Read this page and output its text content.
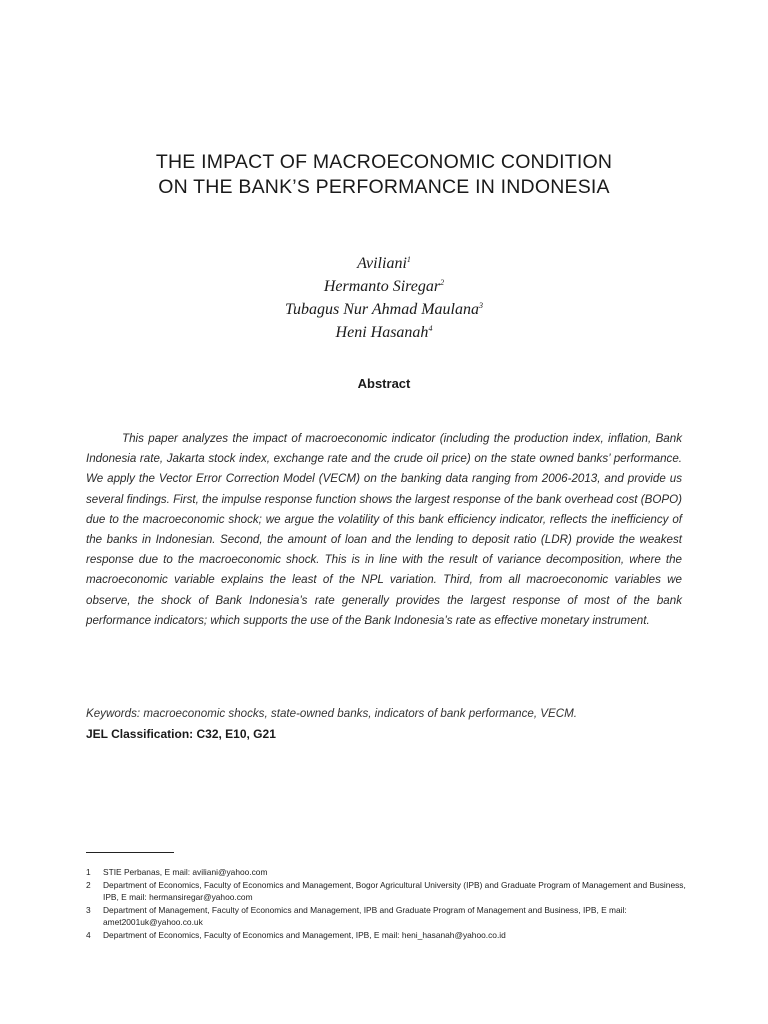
THE IMPACT OF MACROECONOMIC CONDITION
ON THE BANK’S PERFORMANCE IN INDONESIA
Aviliani$^1$
Hermanto Siregar$^2$
Tubagus Nur Ahmad Maulana$^3$
Heni Hasanah$^4$
Abstract

This paper analyzes the impact of macroeconomic indicator (including the production index, inflation, Bank Indonesia rate, Jakarta stock index, exchange rate and the crude oil price) on the state owned banks’ performance. We apply the Vector Error Correction Model (VECM) on the banking data ranging from 2006-2013, and provide us several findings. First, the impulse response function shows the largest response of the bank overhead cost (BOPO) due to the macroeconomic shock; we argue the volatility of this bank efficiency indicator, reflects the inefficiency of the banks in Indonesian. Second, the amount of loan and the lending to deposit ratio (LDR) provide the weakest response due to the macroeconomic shock. This is in line with the result of variance decomposition, where the macroeconomic variable explains the least of the NPL variation. Third, from all macroeconomic variables we observe, the shock of Bank Indonesia’s rate generally provides the largest response of most of the bank performance indicators; which supports the use of the Bank Indonesia’s rate as effective monetary instrument.

Keywords: macroeconomic shocks, state-owned banks, indicators of bank performance, VECM.
JEL Classification: C32, E10, G21
1	STIE Perbanas, E mail: aviliani@yahoo.com
2	Department of Economics, Faculty of Economics and Management, Bogor Agricultural University (IPB) and Graduate Program of Management and Business, IPB, E mail: hermansiregar@yahoo.com
3	Department of Management, Faculty of Economics and Management, IPB and Graduate Program of Management and Business, IPB, E mail: amet2001uk@yahoo.co.uk
4	Department of Economics, Faculty of Economics and Management, IPB, E mail: heni_hasanah@yahoo.co.id
